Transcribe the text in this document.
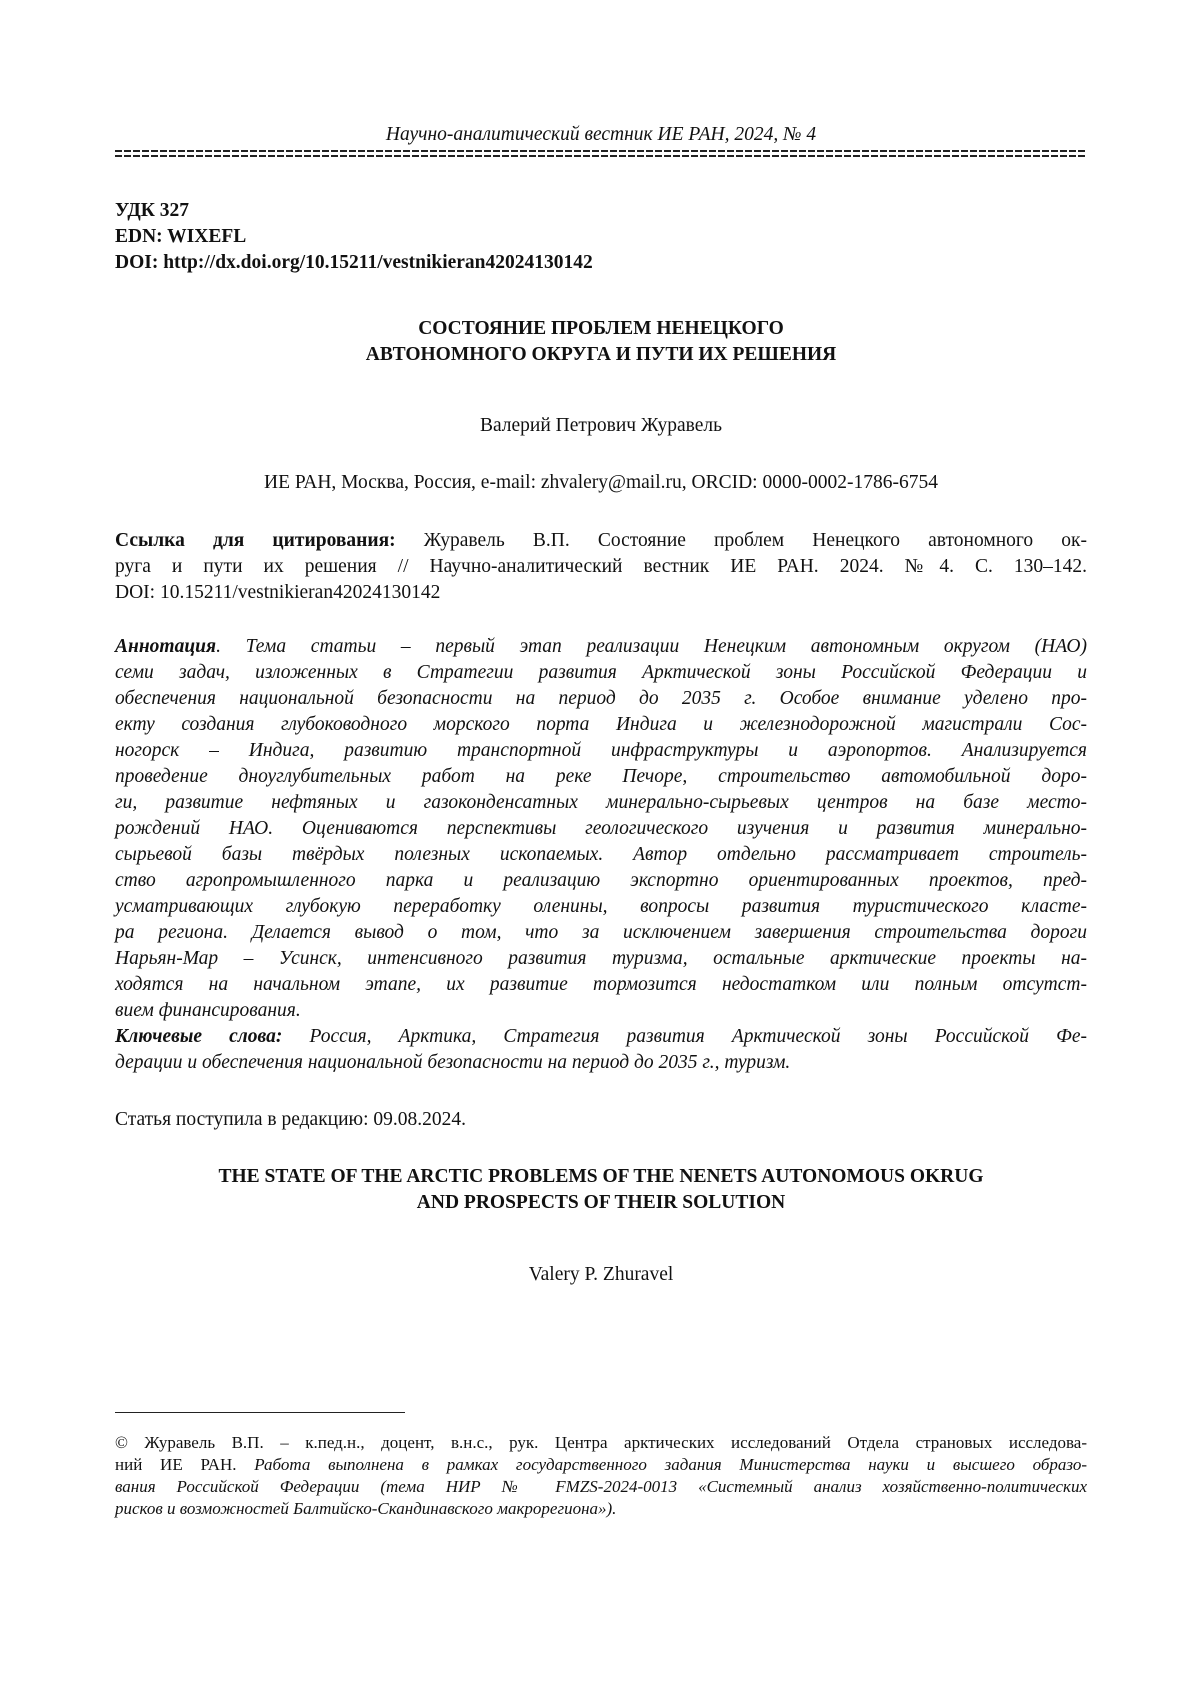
Научно-аналитический вестник ИЕ РАН, 2024, № 4
УДК 327
EDN: WIXEFL
DOI: http://dx.doi.org/10.15211/vestnikieran42024130142
СОСТОЯНИЕ ПРОБЛЕМ НЕНЕЦКОГО
АВТОНОМНОГО ОКРУГА И ПУТИ ИХ РЕШЕНИЯ
Валерий Петрович Журавель
ИЕ РАН, Москва, Россия, e-mail: zhvalery@mail.ru, ORCID: 0000-0002-1786-6754
Ссылка для цитирования: Журавель В.П. Состояние проблем Ненецкого автономного ок-
руга и пути их решения // Научно-аналитический вестник ИЕ РАН. 2024. №4. С. 130–142.
DOI: 10.15211/vestnikieran42024130142
Аннотация. Тема статьи – первый этап реализации Ненецким автономным округом (НАО)
семи задач, изложенных в Стратегии развития Арктической зоны Российской Федерации и
обеспечения национальной безопасности на период до 2035 г. Особое внимание уделено про-
екту создания глубоководного морского порта Индига и железнодорожной магистрали Сос-
ногорск – Индига, развитию транспортной инфраструктуры и аэропортов. Анализируется
проведение дноуглубительных работ на реке Печоре, строительство автомобильной доро-
ги, развитие нефтяных и газоконденсатных минерально-сырьевых центров на базе место-
рождений НАО. Оцениваются перспективы геологического изучения и развития минерально-
сырьевой базы твёрдых полезных ископаемых. Автор отдельно рассматривает строитель-
ство агропромышленного парка и реализацию экспортно ориентированных проектов, пред-
усматривающих глубокую переработку оленины, вопросы развития туристического класте-
ра региона. Делается вывод о том, что за исключением завершения строительства дороги
Нарьян-Мар – Усинск, интенсивного развития туризма, остальные арктические проекты на-
ходятся на начальном этапе, их развитие тормозится недостатком или полным отсутст-
вием финансирования.
Ключевые слова: Россия, Арктика, Стратегия развития Арктической зоны Российской Фе-
дерации и обеспечения национальной безопасности на период до 2035 г., туризм.
Статья поступила в редакцию: 09.08.2024.
THE STATE OF THE ARCTIC PROBLEMS OF THE NENETS AUTONOMOUS OKRUG
AND PROSPECTS OF THEIR SOLUTION
Valery P. Zhuravel
© Журавель В.П. – к.пед.н., доцент, в.н.с., рук. Центра арктических исследований Отдела страновых исследова-
ний ИЕ РАН. Работа выполнена в рамках государственного задания Министерства науки и высшего образо-
вания Российской Федерации (тема НИР № FMZS-2024-0013 «Системный анализ хозяйственно-политических
рисков и возможностей Балтийско-Скандинавского макрорегиона»).
